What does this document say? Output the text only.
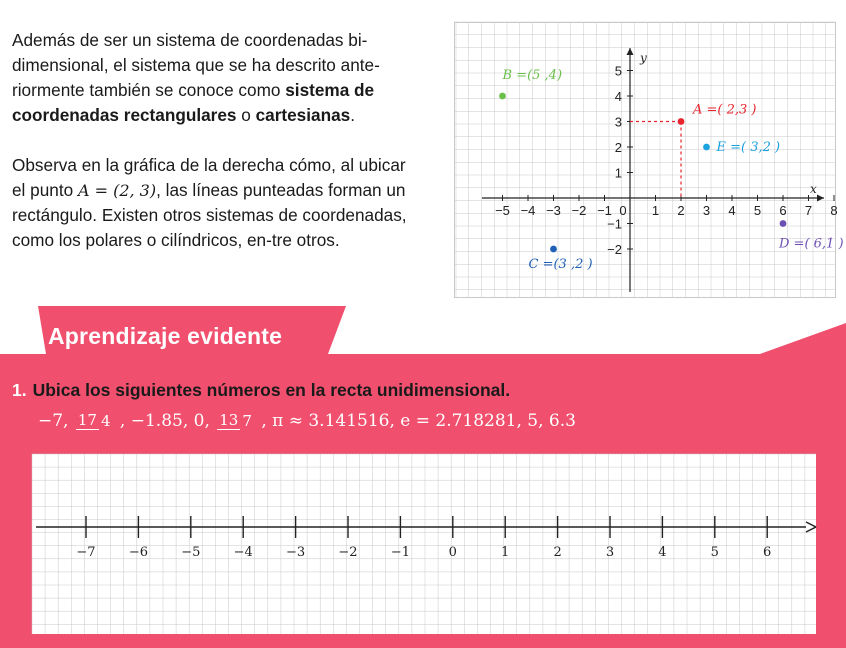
Además de ser un sistema de coordenadas bi-dimensional, el sistema que se ha descrito ante-riormente también se conoce como sistema de coordenadas rectangulares o cartesianas.

Observa en la gráfica de la derecha cómo, al ubicar el punto A = (2, 3), las líneas punteadas forman un rectángulo. Existen otros sistemas de coordenadas, como los polares o cilíndricos, en-tre otros.

y
x
−5 −4 −3 −2 −1 0 1 2 3 4 5 6 7 8
5
4
3
2
1
−1
−2
B =(5 ,4)
A =( 2,3 )
E =( 3,2 )
D =( 6,1 )
C =(3 ,2 )
Aprendizaje evidente
1. Ubica los siguientes números en la recta unidimensional.
−7, 17 4 , −1.85, 0, 13 7 , π ≈ 3.141516, e = 2.718281, 5, 6.3
−7	−6	−5	−4	−3	−2	−1	0	1	2	3	4	5	6
